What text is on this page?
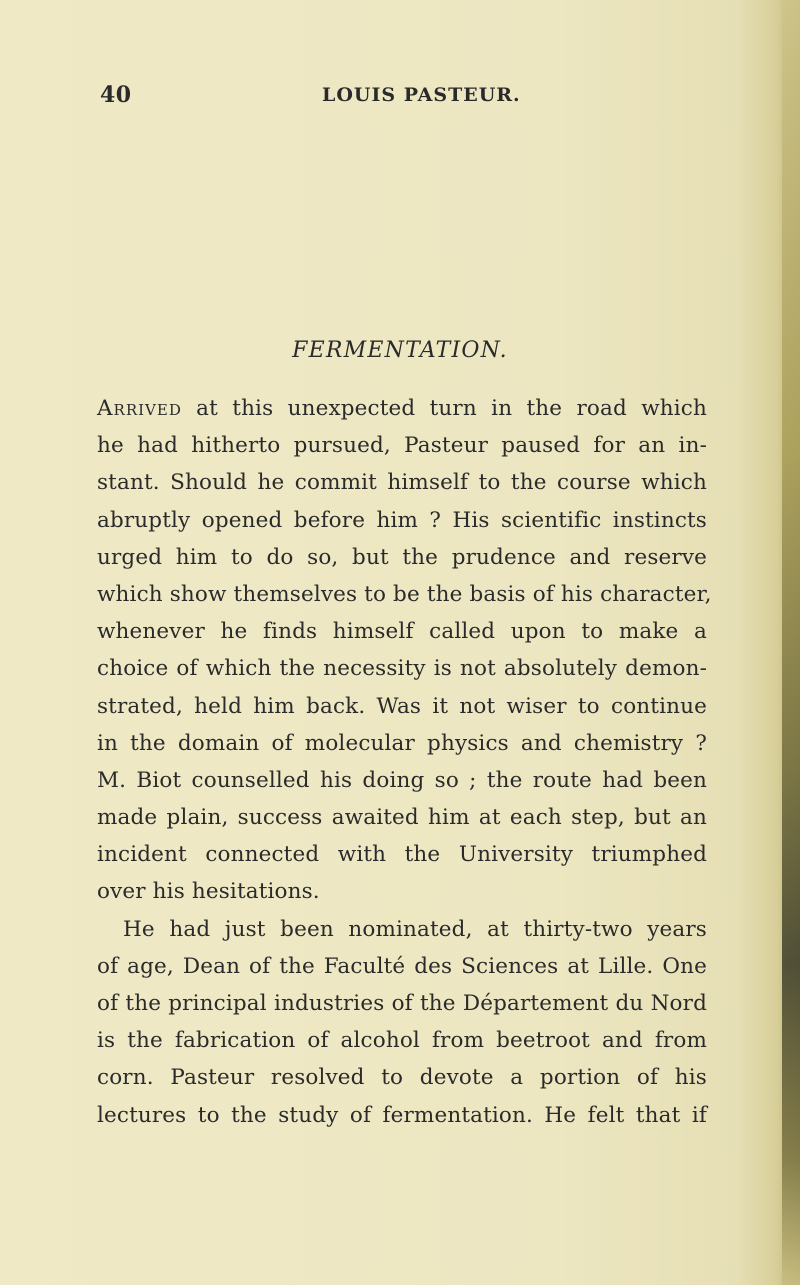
40	LOUIS PASTEUR.
FERMENTATION.
Arrived at this unexpected turn in the road which
he had hitherto pursued, Pasteur paused for an in-
stant. Should he commit himself to the course which
abruptly opened before him ? His scientific instincts
urged him to do so, but the prudence and reserve
which show themselves to be the basis of his character,
whenever he finds himself called upon to make a
choice of which the necessity is not absolutely demon-
strated, held him back. Was it not wiser to continue
in the domain of molecular physics and chemistry ?
M. Biot counselled his doing so ; the route had been
made plain, success awaited him at each step, but an
incident connected with the University triumphed
over his hesitations.
He had just been nominated, at thirty-two years
of age, Dean of the Faculté des Sciences at Lille. One
of the principal industries of the Département du Nord
is the fabrication of alcohol from beetroot and from
corn. Pasteur resolved to devote a portion of his
lectures to the study of fermentation. He felt that if
